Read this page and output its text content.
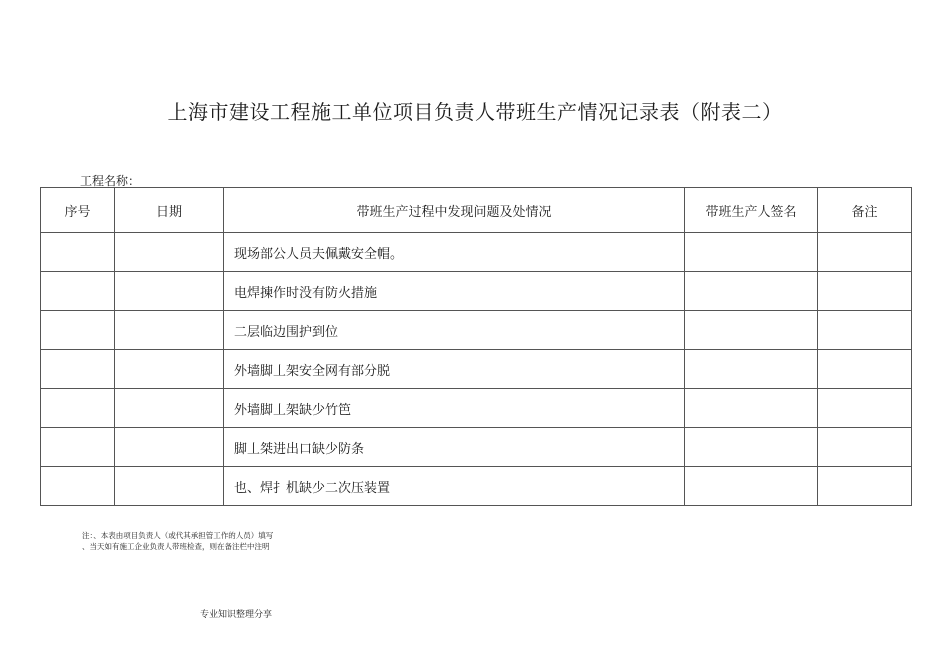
上海市建设工程施工单位项目负责人带班生产情况记录表（附表二）
工程名称：
序号	日期	带班生产过程中发现问题及处情况	带班生产人签名	备注
		现场部公人员夫佩戴安全帽。		
		电焊揀作时没有防火措施		
		二层临边围护到位		
		外墙脚丄架安全网有部分脱		
		外墙脚丄架缺少竹笆		
		脚丄桀进出口缺少防条		
		也、焊扌机缺少二次压装置		
注：、本表由项目负责人（或代其承担管工作的人员）填写
、当天如有施工企业负责人带班检查，则在备注栏中注明
专业知识整理分享
